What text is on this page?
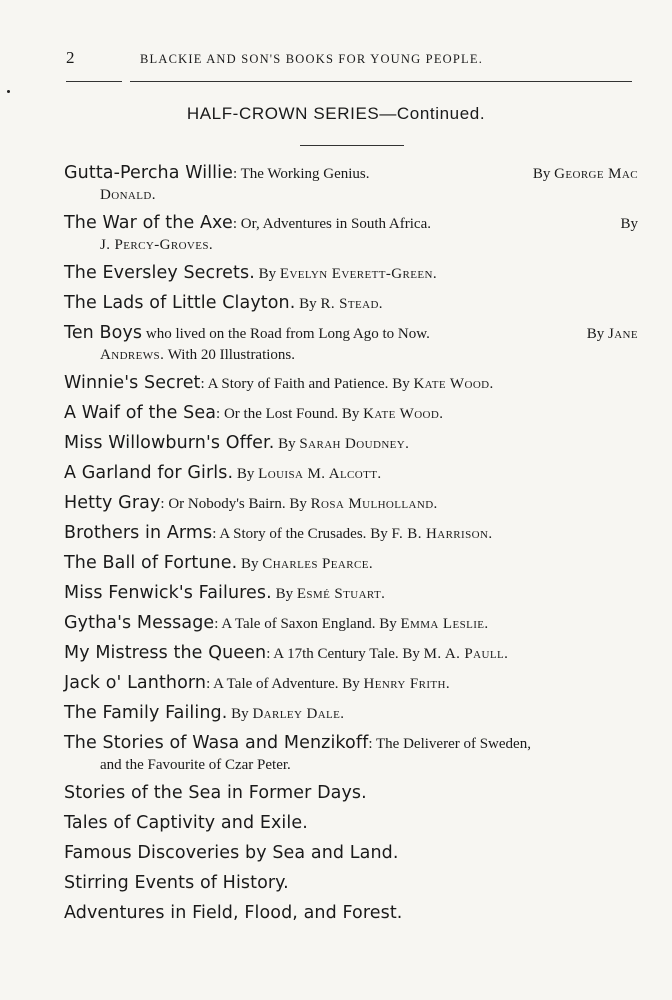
2	BLACKIE AND SON'S BOOKS FOR YOUNG PEOPLE.
HALF-CROWN SERIES—Continued.

Gutta-Percha Willie: The Working Genius.	By George Mac
Donald.

The War of the Axe: Or, Adventures in South Africa.	By
J. Percy-Groves.

The Eversley Secrets. By Evelyn Everett-Green.

The Lads of Little Clayton. By R. Stead.

Ten Boys who lived on the Road from Long Ago to Now.	By Jane
Andrews. With 20 Illustrations.

Winnie's Secret: A Story of Faith and Patience. By Kate Wood.

A Waif of the Sea: Or the Lost Found. By Kate Wood.

Miss Willowburn's Offer. By Sarah Doudney.

A Garland for Girls. By Louisa M. Alcott.

Hetty Gray: Or Nobody's Bairn. By Rosa Mulholland.

Brothers in Arms: A Story of the Crusades. By F. B. Harrison.

The Ball of Fortune. By Charles Pearce.

Miss Fenwick's Failures. By Esmé Stuart.

Gytha's Message: A Tale of Saxon England. By Emma Leslie.

My Mistress the Queen: A 17th Century Tale. By M. A. Paull.

Jack o' Lanthorn: A Tale of Adventure. By Henry Frith.

The Family Failing. By Darley Dale.

The Stories of Wasa and Menzikoff: The Deliverer of Sweden,
and the Favourite of Czar Peter.

Stories of the Sea in Former Days.

Tales of Captivity and Exile.

Famous Discoveries by Sea and Land.

Stirring Events of History.

Adventures in Field, Flood, and Forest.
